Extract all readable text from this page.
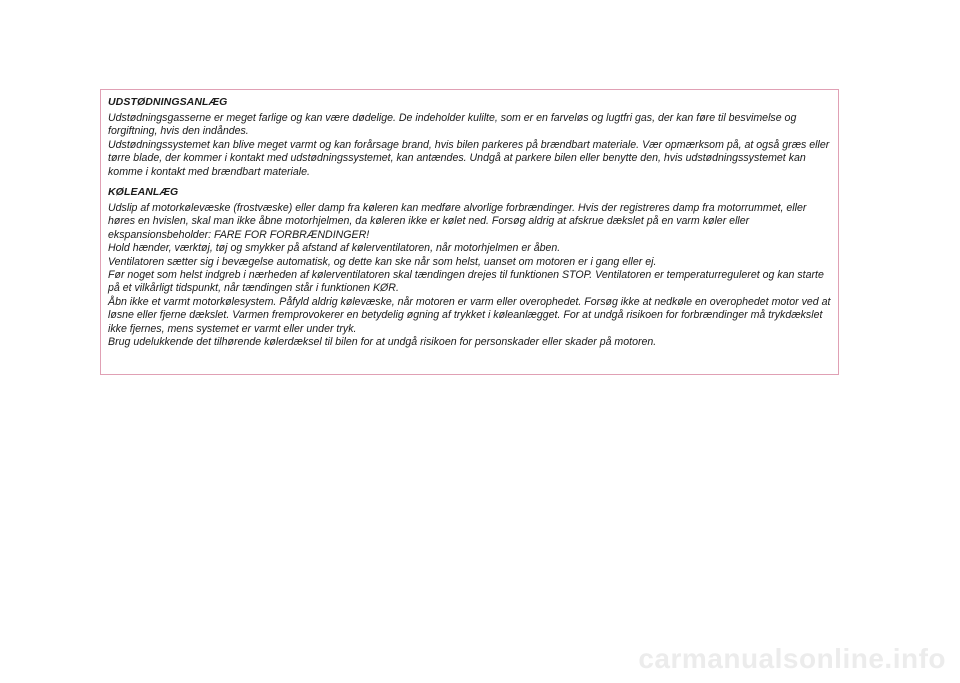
UDSTØDNINGSANLÆG

Udstødningsgasserne er meget farlige og kan være dødelige. De indeholder kulilte, som er en farveløs og lugtfri gas, der kan føre til besvimelse og forgiftning, hvis den indåndes.

Udstødningssystemet kan blive meget varmt og kan forårsage brand, hvis bilen parkeres på brændbart materiale. Vær opmærksom på, at også græs eller tørre blade, der kommer i kontakt med udstødningssystemet, kan antændes. Undgå at parkere bilen eller benytte den, hvis udstødningssystemet kan komme i kontakt med brændbart materiale.

KØLEANLÆG

Udslip af motorkølevæske (frostvæske) eller damp fra køleren kan medføre alvorlige forbrændinger. Hvis der registreres damp fra motorrummet, eller høres en hvislen, skal man ikke åbne motorhjelmen, da køleren ikke er kølet ned. Forsøg aldrig at afskrue dækslet på en varm køler eller ekspansionsbeholder: FARE FOR FORBRÆNDINGER!

Hold hænder, værktøj, tøj og smykker på afstand af kølerventilatoren, når motorhjelmen er åben.

Ventilatoren sætter sig i bevægelse automatisk, og dette kan ske når som helst, uanset om motoren er i gang eller ej.

Før noget som helst indgreb i nærheden af kølerventilatoren skal tændingen drejes til funktionen STOP. Ventilatoren er temperaturreguleret og kan starte på et vilkårligt tidspunkt, når tændingen står i funktionen KØR.

Åbn ikke et varmt motorkølesystem. Påfyld aldrig kølevæske, når motoren er varm eller overophedet. Forsøg ikke at nedkøle en overophedet motor ved at løsne eller fjerne dækslet. Varmen fremprovokerer en betydelig øgning af trykket i køleanlægget. For at undgå risikoen for forbrændinger må trykdækslet ikke fjernes, mens systemet er varmt eller under tryk.

Brug udelukkende det tilhørende kølerdæksel til bilen for at undgå risikoen for personskader eller skader på motoren.

carmanualsonline.info
